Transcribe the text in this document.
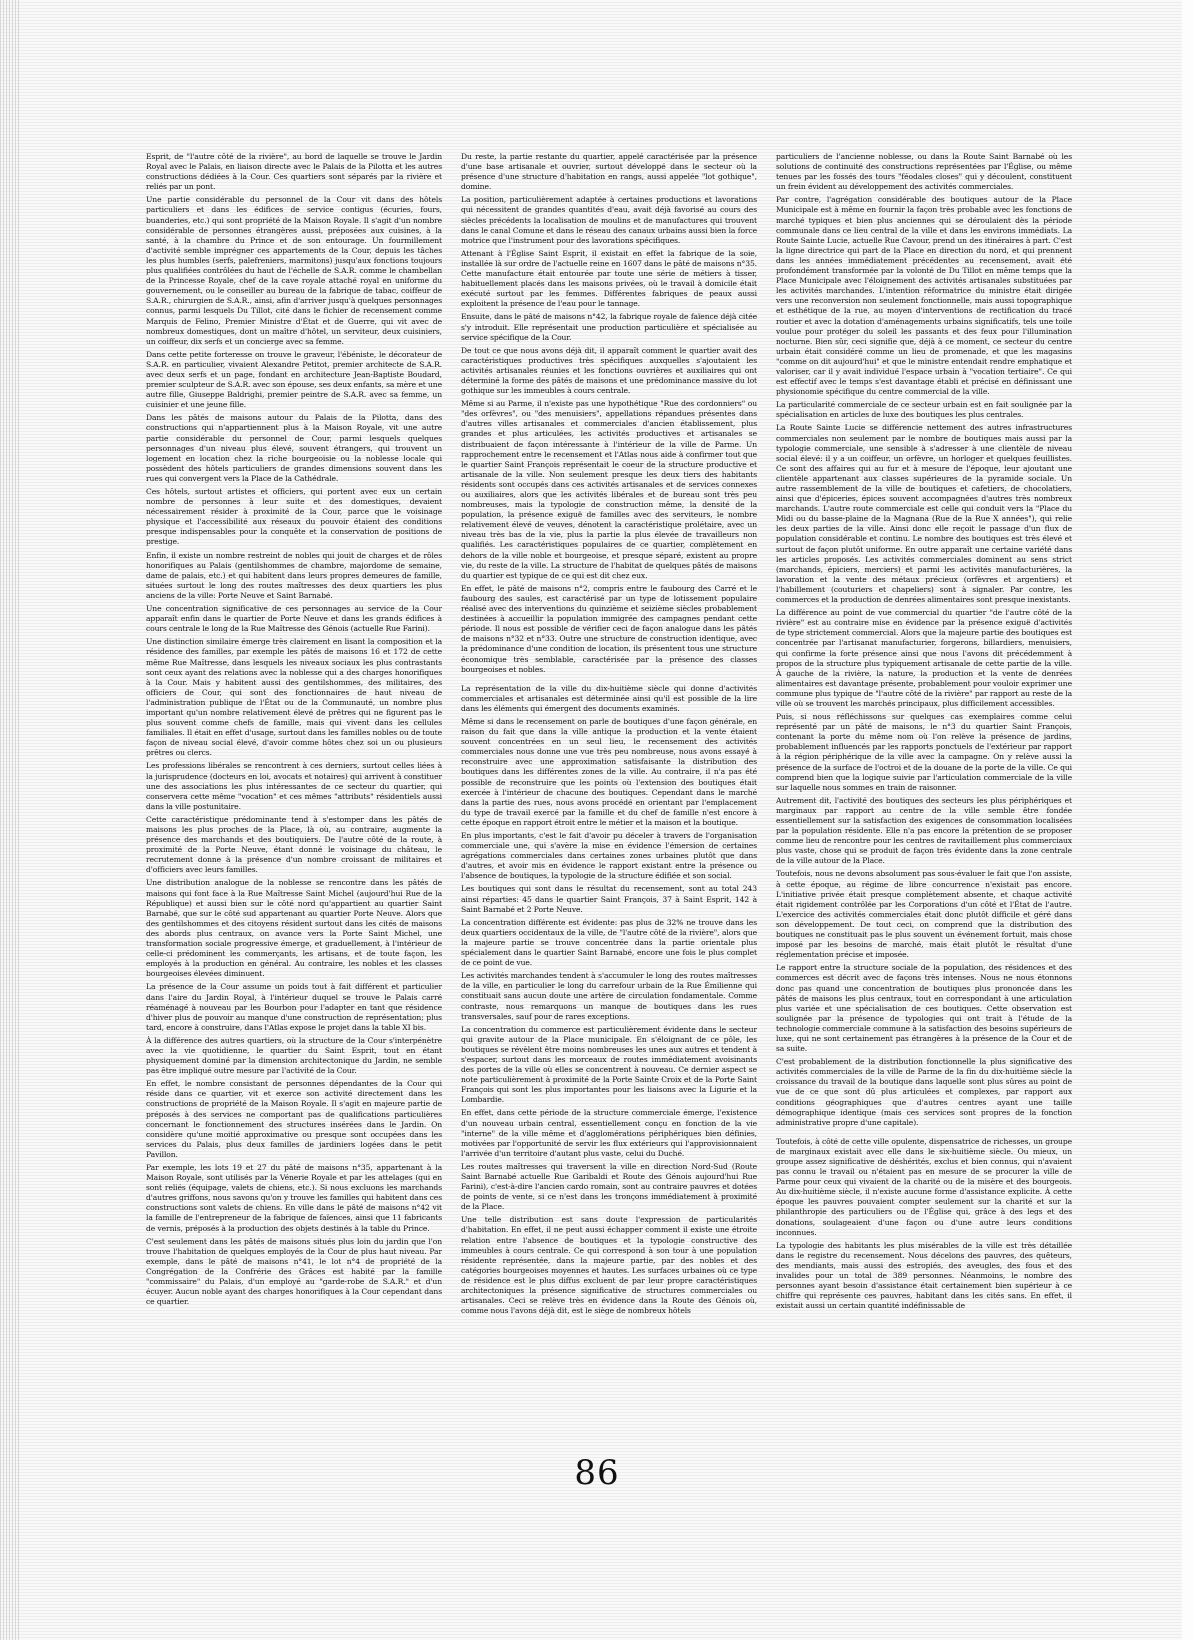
Esprit, de "l'autre côté de la rivière", au bord de laquelle se trouve le Jardin Royal avec le Palais, en liaison directe avec le Palais de la Pilotta et les autres constructions dédiées à la Cour. Ces quartiers sont séparés par la rivière et reliés par un pont.

Une partie considérable du personnel de la Cour vit dans des hôtels particuliers et dans les édifices de service contigus (écuries, fours, buanderies, etc.) qui sont propriété de la Maison Royale. Il s'agit d'un nombre considérable de personnes étrangères aussi, préposées aux cuisines, à la santé, à la chambre du Prince et de son entourage. Un fourmillement d'activité semble imprégner ces appartements de la Cour, depuis les tâches les plus humbles (serfs, palefreniers, marmitons) jusqu'aux fonctions toujours plus qualifiées contrôlées du haut de l'échelle de S.A.R. comme le chambellan de la Princesse Royale, chef de la cave royale attaché royal en uniforme du gouvernement, ou le conseiller au bureau de la fabrique de tabac, coiffeur de S.A.R., chirurgien de S.A.R., ainsi, afin d'arriver jusqu'à quelques personnages connus, parmi lesquels Du Tillot, cité dans le fichier de recensement comme Marquis de Felino, Premier Ministre d'État et de Guerre, qui vit avec de nombreux domestiques, dont un maître d'hôtel, un serviteur, deux cuisiniers, un coiffeur, dix serfs et un concierge avec sa femme.

Dans cette petite forteresse on trouve le graveur, l'ébéniste, le décorateur de S.A.R. en particulier, vivaient Alexandre Petitot, premier architecte de S.A.R. avec deux serfs et un page, fondant en architecture Jean-Baptiste Boudard, premier sculpteur de S.A.R. avec son épouse, ses deux enfants, sa mère et une autre fille, Giuseppe Baldrighi, premier peintre de S.A.R. avec sa femme, un cuisinier et une jeune fille.

Dans les pâtés de maisons autour du Palais de la Pilotta, dans des constructions qui n'appartiennent plus à la Maison Royale, vit une autre partie considérable du personnel de Cour, parmi lesquels quelques personnages d'un niveau plus élevé, souvent étrangers, qui trouvent un logement en location chez la riche bourgeoisie ou la noblesse locale qui possèdent des hôtels particuliers de grandes dimensions souvent dans les rues qui convergent vers la Place de la Cathédrale.

Ces hôtels, surtout artistes et officiers, qui portent avec eux un certain nombre de personnes à leur suite et des domestiques, devaient nécessairement résider à proximité de la Cour, parce que le voisinage physique et l'accessibilité aux réseaux du pouvoir étaient des conditions presque indispensables pour la conquête et la conservation de positions de prestige.

Enfin, il existe un nombre restreint de nobles qui jouit de charges et de rôles honorifiques au Palais (gentilshommes de chambre, majordome de semaine, dame de palais, etc.) et qui habitent dans leurs propres demeures de famille, situées surtout le long des routes maîtresses des deux quartiers les plus anciens de la ville: Porte Neuve et Saint Barnabé.

Une concentration significative de ces personnages au service de la Cour apparaît enfin dans le quartier de Porte Neuve et dans les grands édifices à cours centrale le long de la Rue Maîtresse des Génois (actuelle Rue Farini).

Une distinction similaire émerge très clairement en lisant la composition et la résidence des familles, par exemple les pâtés de maisons 16 et 172 de cette même Rue Maîtresse, dans lesquels les niveaux sociaux les plus contrastants sont ceux ayant des relations avec la noblesse qui a des charges honorifiques à la Cour. Mais y habitent aussi des gentilshommes, des militaires, des officiers de Cour, qui sont des fonctionnaires de haut niveau de l'administration publique de l'État ou de la Communauté, un nombre plus important qu'un nombre relativement élevé de prêtres qui ne figurent pas le plus souvent comme chefs de famille, mais qui vivent dans les cellules familiales. Il était en effet d'usage, surtout dans les familles nobles ou de toute façon de niveau social élevé, d'avoir comme hôtes chez soi un ou plusieurs prêtres ou clercs.

Les professions libérales se rencontrent à ces derniers, surtout celles liées à la jurisprudence (docteurs en loi, avocats et notaires) qui arrivent à constituer une des associations les plus intéressantes de ce secteur du quartier, qui conservera cette même "vocation" et ces mêmes "attributs" résidentiels aussi dans la ville postunitaire.

Cette caractéristique prédominante tend à s'estomper dans les pâtés de maisons les plus proches de la Place, là où, au contraire, augmente la présence des marchands et des boutiquiers. De l'autre côté de la route, à proximité de la Porte Neuve, étant donné le voisinage du château, le recrutement donne à la présence d'un nombre croissant de militaires et d'officiers avec leurs familles.

Une distribution analogue de la noblesse se rencontre dans les pâtés de maisons qui font face à la Rue Maîtresse Saint Michel (aujourd'hui Rue de la République) et aussi bien sur le côté nord qu'appartient au quartier Saint Barnabé, que sur le côté sud appartenant au quartier Porte Neuve. Alors que des gentilshommes et des citoyens résident surtout dans les cités de maisons des abords plus centraux, on avance vers la Porte Saint Michel, une transformation sociale progressive émerge, et graduellement, à l'intérieur de celle-ci prédominent les commerçants, les artisans, et de toute façon, les employés à la production en général. Au contraire, les nobles et les classes bourgeoises élevées diminuent.

La présence de la Cour assume un poids tout à fait différent et particulier dans l'aire du Jardin Royal, à l'intérieur duquel se trouve le Palais carré réaménagé à nouveau par les Bourbon pour l'adapter en tant que résidence d'hiver plus de pouvoir au manque d'une construction de représentation; plus tard, encore à construire, dans l'Atlas expose le projet dans la table XI bis.

À la différence des autres quartiers, où la structure de la Cour s'interpénètre avec la vie quotidienne, le quartier du Saint Esprit, tout en étant physiquement dominé par la dimension architectonique du Jardin, ne semble pas être impliqué outre mesure par l'activité de la Cour.

En effet, le nombre consistant de personnes dépendantes de la Cour qui réside dans ce quartier, vit et exerce son activité directement dans les constructions de propriété de la Maison Royale. Il s'agit en majeure partie de préposés à des services ne comportant pas de qualifications particulières concernant le fonctionnement des structures insérées dans le Jardin. On considère qu'une moitié approximative ou presque sont occupées dans les services du Palais, plus deux familles de jardiniers logées dans le petit Pavillon.

Par exemple, les lots 19 et 27 du pâté de maisons n°35, appartenant à la Maison Royale, sont utilisés par la Vénerie Royale et par les attelages (qui en sont reliés (équipage, valets de chiens, etc.). Si nous excluons les marchands d'autres griffons, nous savons qu'on y trouve les familles qui habitent dans ces constructions sont valets de chiens. En ville dans le pâté de maisons n°42 vit la famille de l'entrepreneur de la fabrique de faïences, ainsi que 11 fabricants de vernis, préposés à la production des objets destinés à la table du Prince.

C'est seulement dans les pâtés de maisons situés plus loin du jardin que l'on trouve l'habitation de quelques employés de la Cour de plus haut niveau. Par exemple, dans le pâté de maisons n°41, le lot n°4 de propriété de la Congrégation de la Confrérie des Grâces est habité par la famille "commissaire" du Palais, d'un employé au "garde-robe de S.A.R." et d'un écuyer. Aucun noble ayant des charges honorifiques à la Cour cependant dans ce quartier.

Du reste, la partie restante du quartier, appelé caractérisée par la présence d'une base artisanale et ouvrier, surtout développé dans le secteur où la présence d'une structure d'habitation en rangs, aussi appelée "lot gothique", domine.

La position, particulièrement adaptée à certaines productions et lavorations qui nécessitent de grandes quantités d'eau, avait déjà favorisé au cours des siècles précédents la localisation de moulins et de manufactures qui trouvent dans le canal Comune et dans le réseau des canaux urbains aussi bien la force motrice que l'instrument pour des lavorations spécifiques.

Attenant à l'Église Saint Esprit, il existait en effet la fabrique de la soie, installée là sur ordre de l'actuelle reine en 1607 dans le pâté de maisons n°35. Cette manufacture était entourée par toute une série de métiers à tisser, habituellement placés dans les maisons privées, où le travail à domicile était exécuté surtout par les femmes. Différentes fabriques de peaux aussi exploitent la présence de l'eau pour le tannage.

Ensuite, dans le pâté de maisons n°42, la fabrique royale de faïence déjà citée s'y introduit. Elle représentait une production particulière et spécialisée au service spécifique de la Cour.

De tout ce que nous avons déjà dit, il apparaît comment le quartier avait des caractéristiques productives très spécifiques auxquelles s'ajoutaient les activités artisanales réunies et les fonctions ouvrières et auxiliaires qui ont déterminé la forme des pâtés de maisons et une prédominance massive du lot gothique sur les immeubles à cours centrale.

Même si au Parme, il n'existe pas une hypothétique "Rue des cordonniers" ou "des orfèvres", ou "des menuisiers", appellations répandues présentes dans d'autres villes artisanales et commerciales d'ancien établissement, plus grandes et plus articulées, les activités productives et artisanales se distribuaient de façon intéressante à l'intérieur de la ville de Parme. Un rapprochement entre le recensement et l'Atlas nous aide à confirmer tout que le quartier Saint François représentait le coeur de la structure productive et artisanale de la ville. Non seulement presque les deux tiers des habitants résidents sont occupés dans ces activités artisanales et de services connexes ou auxiliaires, alors que les activités libérales et de bureau sont très peu nombreuses, mais la typologie de construction même, la densité de la population, la présence exiguë de familles avec des serviteurs, le nombre relativement élevé de veuves, dénotent la caractéristique prolétaire, avec un niveau très bas de la vie, plus la partie la plus élevée de travailleurs non qualifiés. Les caractéristiques populaires de ce quartier, complètement en dehors de la ville noble et bourgeoise, et presque séparé, existent au propre vie, du reste de la ville. La structure de l'habitat de quelques pâtés de maisons du quartier est typique de ce qui est dit chez eux.

En effet, le pâté de maisons n°2, compris entre le faubourg des Carré et le faubourg des saules, est caractérisé par un type de lotissement populaire réalisé avec des interventions du quinzième et seizième siècles probablement destinées à accueillir la population immigrée des campagnes pendant cette période. Il nous est possible de vérifier ceci de façon analogue dans les pâtés de maisons n°32 et n°33. Outre une structure de construction identique, avec la prédominance d'une condition de location, ils présentent tous une structure économique très semblable, caractérisée par la présence des classes bourgeoises et nobles.

La représentation de la ville du dix-huitième siècle qui donne d'activités commerciales et artisanales est déterminée ainsi qu'il est possible de la lire dans les éléments qui émergent des documents examinés.

Même si dans le recensement on parle de boutiques d'une façon générale, en raison du fait que dans la ville antique la production et la vente étaient souvent concentrées en un seul lieu, le recensement des activités commerciales nous donne une vue très peu nombreuse, nous avons essayé à reconstruire avec une approximation satisfaisante la distribution des boutiques dans les différentes zones de la ville. Au contraire, il n'a pas été possible de reconstruire que les points où l'extension des boutiques était exercée à l'intérieur de chacune des boutiques. Cependant dans le marché dans la partie des rues, nous avons procédé en orientant par l'emplacement du type de travail exercé par la famille et du chef de famille n'est encore à cette époque en rapport étroit entre le métier et la maison et la boutique.

En plus importants, c'est le fait d'avoir pu déceler à travers de l'organisation commerciale une, qui s'avère la mise en évidence l'émersion de certaines agrégations commerciales dans certaines zones urbaines plutôt que dans d'autres, et avoir mis en évidence le rapport existant entre la présence ou l'absence de boutiques, la typologie de la structure édifiée et son social.

Les boutiques qui sont dans le résultat du recensement, sont au total 243 ainsi réparties: 45 dans le quartier Saint François, 37 à Saint Esprit, 142 à Saint Barnabé et 2 Porte Neuve.

La concentration différente est évidente: pas plus de 32% ne trouve dans les deux quartiers occidentaux de la ville, de "l'autre côté de la rivière", alors que la majeure partie se trouve concentrée dans la partie orientale plus spécialement dans le quartier Saint Barnabé, encore une fois le plus complet de ce point de vue.

Les activités marchandes tendent à s'accumuler le long des routes maîtresses de la ville, en particulier le long du carrefour urbain de la Rue Émilienne qui constituait sans aucun doute une artère de circulation fondamentale. Comme contraste, nous remarquons un manque de boutiques dans les rues transversales, sauf pour de rares exceptions.

La concentration du commerce est particulièrement évidente dans le secteur qui gravite autour de la Place municipale. En s'éloignant de ce pôle, les boutiques se révèlent être moins nombreuses les unes aux autres et tendent à s'espacer, surtout dans les morceaux de routes immédiatement avoisinants des portes de la ville où elles se concentrent à nouveau. Ce dernier aspect se note particulièrement à proximité de la Porte Sainte Croix et de la Porte Saint François qui sont les plus importantes pour les liaisons avec la Ligurie et la Lombardie.

En effet, dans cette période de la structure commerciale émerge, l'existence d'un nouveau urbain central, essentiellement conçu en fonction de la vie "interne" de la ville même et d'agglomérations périphériques bien définies, motivées par l'opportunité de servir les flux extérieurs qui l'approvisionnaient l'arrivée d'un territoire d'autant plus vaste, celui du Duché.

Les routes maîtresses qui traversent la ville en direction Nord-Sud (Route Saint Barnabé actuelle Rue Garibaldi et Route des Génois aujourd'hui Rue Farini), c'est-à-dire l'ancien cardo romain, sont au contraire pauvres et dotées de points de vente, si ce n'est dans les tronçons immédiatement à proximité de la Place.

Une telle distribution est sans doute l'expression de particularités d'habitation. En effet, il ne peut aussi échapper comment il existe une étroite relation entre l'absence de boutiques et la typologie constructive des immeubles à cours centrale. Ce qui correspond à son tour à une population résidente représentée, dans la majeure partie, par des nobles et des catégories bourgeoises moyennes et hautes. Les surfaces urbaines où ce type de résidence est le plus diffus excluent de par leur propre caractéristiques architectoniques la présence significative de structures commerciales ou artisanales. Ceci se relève très en évidence dans la Route des Génois où, comme nous l'avons déjà dit, est le siège de nombreux hôtels

particuliers de l'ancienne noblesse, ou dans la Route Saint Barnabé où les solutions de continuité des constructions représentées par l'Église, ou même tenues par les fossés des tours "féodales closes" qui y découlent, constituent un frein évident au développement des activités commerciales.

Par contre, l'agrégation considérable des boutiques autour de la Place Municipale est à même en fournir la façon très probable avec les fonctions de marché typiques et bien plus anciennes qui se déroulaient dès la période communale dans ce lieu central de la ville et dans les environs immédiats. La Route Sainte Lucie, actuelle Rue Cavour, prend un des itinéraires à part. C'est la ligne directrice qui part de la Place en direction du nord, et qui prennent dans les années immédiatement précédentes au recensement, avait été profondément transformée par la volonté de Du Tillot en même temps que la Place Municipale avec l'éloignement des activités artisanales substituées par les activités marchandes. L'intention réformatrice du ministre était dirigée vers une reconversion non seulement fonctionnelle, mais aussi topographique et esthétique de la rue, au moyen d'interventions de rectification du tracé routier et avec la dotation d'aménagements urbains significatifs, tels une toile voulue pour protéger du soleil les passants et des feux pour l'illumination nocturne. Bien sûr, ceci signifie que, déjà à ce moment, ce secteur du centre urbain était considéré comme un lieu de promenade, et que les magasins "comme on dit aujourd'hui" et que le ministre entendait rendre emphatique et valoriser, car il y avait individué l'espace urbain à "vocation tertiaire". Ce qui est effectif avec le temps s'est davantage établi et précisé en définissant une physionomie spécifique du centre commercial de la ville.

La particularité commerciale de ce secteur urbain est en fait soulignée par la spécialisation en articles de luxe des boutiques les plus centrales.

La Route Sainte Lucie se différencie nettement des autres infrastructures commerciales non seulement par le nombre de boutiques mais aussi par la typologie commerciale, une sensible à s'adresser à une clientèle de niveau social élevé: il y a un coiffeur, un orfèvre, un horloger et quelques feuillistes. Ce sont des affaires qui au fur et à mesure de l'époque, leur ajoutant une clientèle appartenant aux classes supérieures de la pyramide sociale. Un autre rassemblement de la ville de boutiques et cafetiers, de chocolatiers, ainsi que d'épiceries, épices souvent accompagnées d'autres très nombreux marchands. L'autre route commerciale est celle qui conduit vers la "Place du Midi ou du basse-plaine de la Magnana (Rue de la Rue X années"), qui relie les deux parties de la ville. Ainsi donc elle reçoit le passage d'un flux de population considérable et continu. Le nombre des boutiques est très élevé et surtout de façon plutôt uniforme. En outre apparaît une certaine variété dans les articles proposés. Les activités commerciales dominent au sens strict (marchands, épiciers, merciers) et parmi les activités manufacturières, la lavoration et la vente des métaux précieux (orfèvres et argentiers) et l'habillement (couturiers et chapeliers) sont à signaler. Par contre, les commerces et la production de denrées alimentaires sont presque inexistants.

La différence au point de vue commercial du quartier "de l'autre côté de la rivière" est au contraire mise en évidence par la présence exiguë d'activités de type strictement commercial. Alors que la majeure partie des boutiques est concentrée par l'artisanat manufacturier, forgerons, billardiers, menuisiers, qui confirme la forte présence ainsi que nous l'avons dit précédemment à propos de la structure plus typiquement artisanale de cette partie de la ville. À gauche de la rivière, la nature, la production et la vente de denrées alimentaires est davantage présente, probablement pour vouloir exprimer une commune plus typique de "l'autre côté de la rivière" par rapport au reste de la ville où se trouvent les marchés principaux, plus difficilement accessibles.

Puis, si nous réfléchissons sur quelques cas exemplaires comme celui représenté par un pâté de maisons, le n°3 du quartier Saint François, contenant la porte du même nom où l'on relève la présence de jardins, probablement influencés par les rapports ponctuels de l'extérieur par rapport à la région périphérique de la ville avec la campagne. On y relève aussi la présence de la surface de l'octroi et de la douane de la porte de la ville. Ce qui comprend bien que la logique suivie par l'articulation commerciale de la ville sur laquelle nous sommes en train de raisonner.

Autrement dit, l'activité des boutiques des secteurs les plus périphériques et marginaux par rapport au centre de la ville semble être fondée essentiellement sur la satisfaction des exigences de consommation localisées par la population résidente. Elle n'a pas encore la prétention de se proposer comme lieu de rencontre pour les centres de ravitaillement plus commerciaux plus vaste, chose qui se produit de façon très évidente dans la zone centrale de la ville autour de la Place.

Toutefois, nous ne devons absolument pas sous-évaluer le fait que l'on assiste, à cette époque, au régime de libre concurrence n'existait pas encore. L'initiative privée était presque complètement absente, et chaque activité était rigidement contrôlée par les Corporations d'un côté et l'État de l'autre. L'exercice des activités commerciales était donc plutôt difficile et géré dans son développement. De tout ceci, on comprend que la distribution des boutiques ne constituait pas le plus souvent un événement fortuit, mais chose imposé par les besoins de marché, mais était plutôt le résultat d'une réglementation précise et imposée.

Le rapport entre la structure sociale de la population, des résidences et des commerces est décrit avec de façons très intenses. Nous ne nous étonnons donc pas quand une concentration de boutiques plus prononcée dans les pâtés de maisons les plus centraux, tout en correspondant à une articulation plus variée et une spécialisation de ces boutiques. Cette observation est soulignée par la présence de typologies qui ont trait à l'étude de la technologie commerciale commune à la satisfaction des besoins supérieurs de luxe, qui ne sont certainement pas étrangères à la présence de la Cour et de sa suite.

C'est probablement de la distribution fonctionnelle la plus significative des activités commerciales de la ville de Parme de la fin du dix-huitième siècle la croissance du travail de la boutique dans laquelle sont plus sûres au point de vue de ce que sont dû plus articulées et complexes, par rapport aux conditions géographiques que d'autres centres ayant une taille démographique identique (mais ces services sont propres de la fonction administrative propre d'une capitale).

Toutefois, à côté de cette ville opulente, dispensatrice de richesses, un groupe de marginaux existait avec elle dans le six-huitième siècle. Ou mieux, un groupe assez significative de déshérités, exclus et bien connus, qui n'avaient pas connu le travail ou n'étaient pas en mesure de se procurer la ville de Parme pour ceux qui vivaient de la charité ou de la misère et des bourgeois. Au dix-huitième siècle, il n'existe aucune forme d'assistance explicite. À cette époque les pauvres pouvaient compter seulement sur la charité et sur la philanthropie des particuliers ou de l'Église qui, grâce à des legs et des donations, soulageaient d'une façon ou d'une autre leurs conditions inconnues.

La typologie des habitants les plus misérables de la ville est très détaillée dans le registre du recensement. Nous décelons des pauvres, des quêteurs, des mendiants, mais aussi des estropiés, des aveugles, des fous et des invalides pour un total de 389 personnes. Néanmoins, le nombre des personnes ayant besoin d'assistance était certainement bien supérieur à ce chiffre qui représente ces pauvres, habitant dans les cités sans. En effet, il existait aussi un certain quantité indéfinissable de

86
